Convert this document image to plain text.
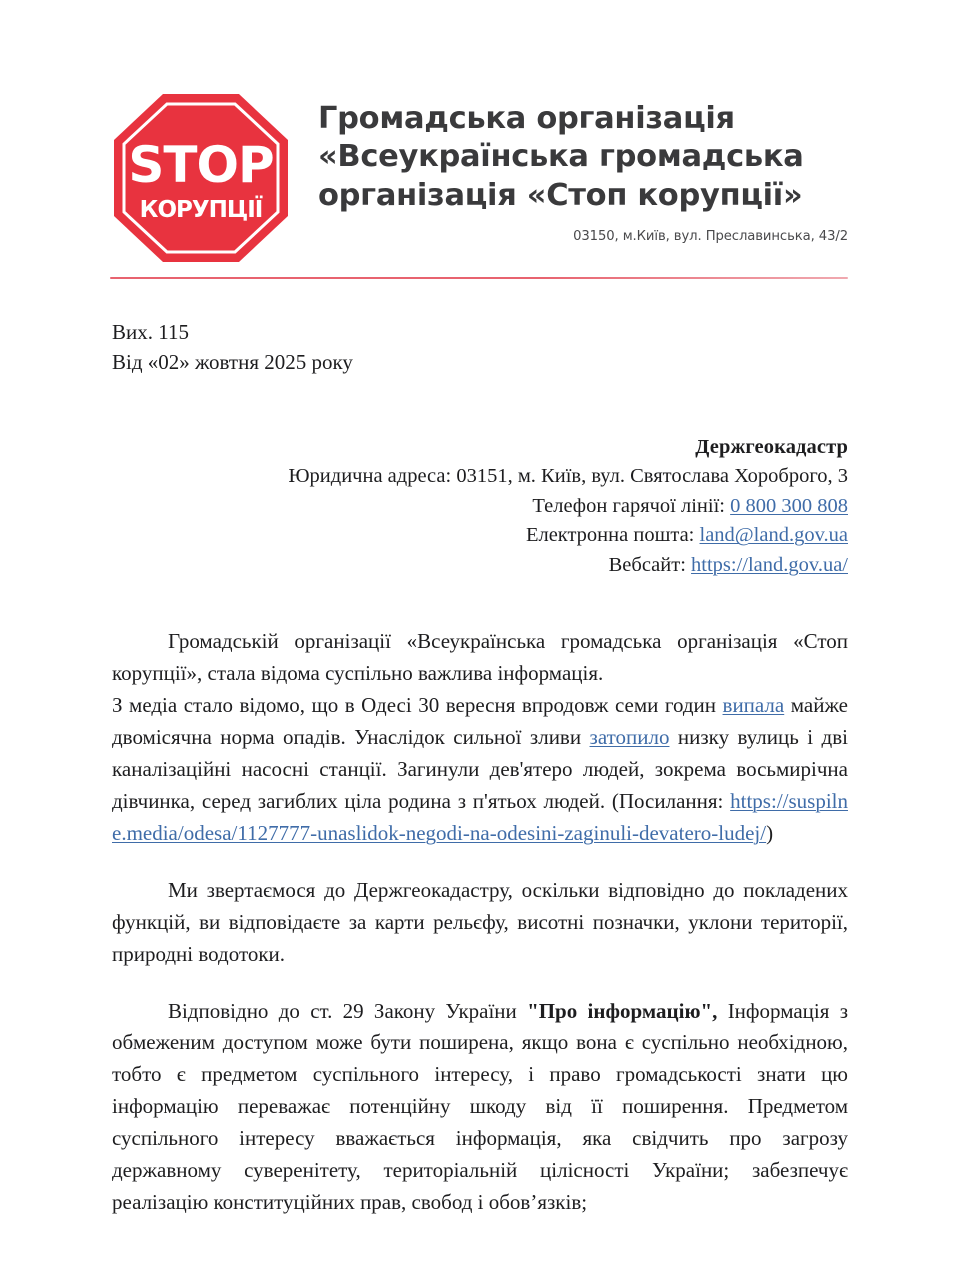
STOP
КОРУПЦІЇ
Громадська організація
«Всеукраїнська громадська
організація «Стоп корупції»
03150, м.Київ, вул. Преславинська, 43/2
Вих. 115
Від «02» жовтня 2025 року
Держгеокадастр
Юридична адреса: 03151, м. Київ, вул. Святослава Хороброго, 3
Телефон гарячої лінії: 0 800 300 808
Електронна пошта: land@land.gov.ua
Вебсайт: https://land.gov.ua/

Громадській організації «Всеукраїнська громадська організація «Стоп корупції», стала відома суспільно важлива інформація.

З медіа стало відомо, що в Одесі 30 вересня впродовж семи годин випала майже двомісячна норма опадів. Унаслідок сильної зливи затопило низку вулиць і дві каналізаційні насосні станції. Загинули дев'ятеро людей, зокрема восьмирічна дівчинка, серед загиблих ціла родина з п'ятьох людей. (Посилання: https://suspilne.media/odesa/1127777-unaslidok-negodi-na-odesini-zaginuli-devatero-ludej/)

Ми звертаємося до Держгеокадастру, оскільки відповідно до покладених функцій, ви відповідаєте за карти рельєфу, висотні позначки, уклони території, природні водотоки.

Відповідно до ст. 29 Закону України "Про інформацію", Інформація з обмеженим доступом може бути поширена, якщо вона є суспільно необхідною, тобто є предметом суспільного інтересу, і право громадськості знати цю інформацію переважає потенційну шкоду від її поширення. Предметом суспільного інтересу вважається інформація, яка свідчить про загрозу державному суверенітету, територіальній цілісності України; забезпечує реалізацію конституційних прав, свобод і обов’язків;
